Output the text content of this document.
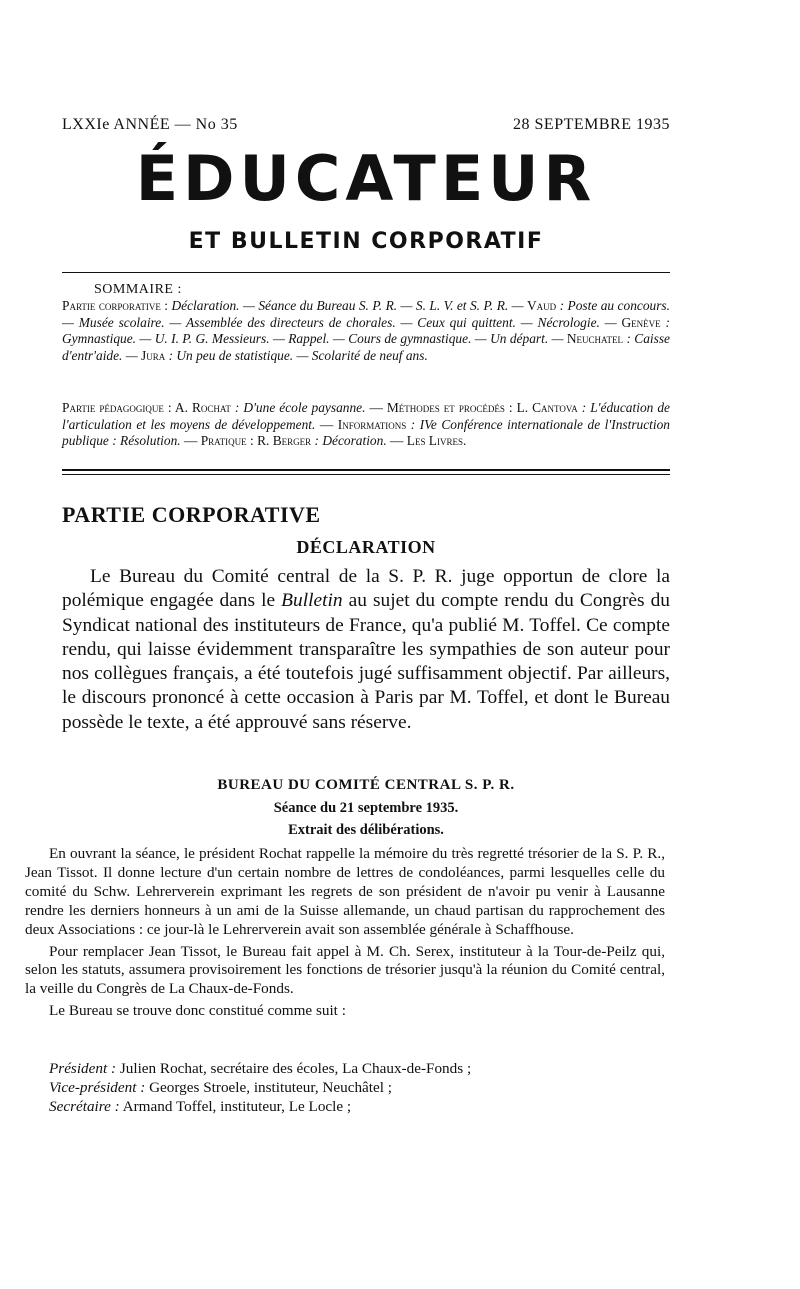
LXXIe ANNÉE — No 35	28 SEPTEMBRE 1935
ÉDUCATEUR
ET BULLETIN CORPORATIF
SOMMAIRE :
Partie corporative : Déclaration. — Séance du Bureau S. P. R. — S. L. V. et S. P. R. — Vaud : Poste au concours. — Musée scolaire. — Assemblée des directeurs de chorales. — Ceux qui quittent. — Nécrologie. — Genève : Gymnastique. — U. I. P. G. Messieurs. — Rappel. — Cours de gymnastique. — Un départ. — Neuchatel : Caisse d'entr'aide. — Jura : Un peu de statistique. — Scolarité de neuf ans.
Partie pédagogique : A. Rochat : D'une école paysanne. — Méthodes et procédés : L. Cantova : L'éducation de l'articulation et les moyens de développement. — Informations : IVe Conférence internationale de l'Instruction publique : Résolution. — Pratique : R. Berger : Décoration. — Les Livres.
PARTIE CORPORATIVE
DÉCLARATION

Le Bureau du Comité central de la S. P. R. juge opportun de clore la polémique engagée dans le Bulletin au sujet du compte rendu du Congrès du Syndicat national des instituteurs de France, qu'a publié M. Toffel. Ce compte rendu, qui laisse évidemment transparaître les sympathies de son auteur pour nos collègues français, a été toutefois jugé suffisamment objectif. Par ailleurs, le discours prononcé à cette occasion à Paris par M. Toffel, et dont le Bureau possède le texte, a été approuvé sans réserve.

BUREAU DU COMITÉ CENTRAL S. P. R.
Séance du 21 septembre 1935.
Extrait des délibérations.

En ouvrant la séance, le président Rochat rappelle la mémoire du très regretté trésorier de la S. P. R., Jean Tissot. Il donne lecture d'un certain nombre de lettres de condoléances, parmi lesquelles celle du comité du Schw. Lehrerverein exprimant les regrets de son président de n'avoir pu venir à Lausanne rendre les derniers honneurs à un ami de la Suisse allemande, un chaud partisan du rapprochement des deux Associations : ce jour-là le Lehrerverein avait son assemblée générale à Schaffhouse.

Pour remplacer Jean Tissot, le Bureau fait appel à M. Ch. Serex, instituteur à la Tour-de-Peilz qui, selon les statuts, assumera provisoirement les fonctions de trésorier jusqu'à la réunion du Comité central, la veille du Congrès de La Chaux-de-Fonds.

Le Bureau se trouve donc constitué comme suit :

Président : Julien Rochat, secrétaire des écoles, La Chaux-de-Fonds ;
Vice-président : Georges Stroele, instituteur, Neuchâtel ;
Secrétaire : Armand Toffel, instituteur, Le Locle ;
